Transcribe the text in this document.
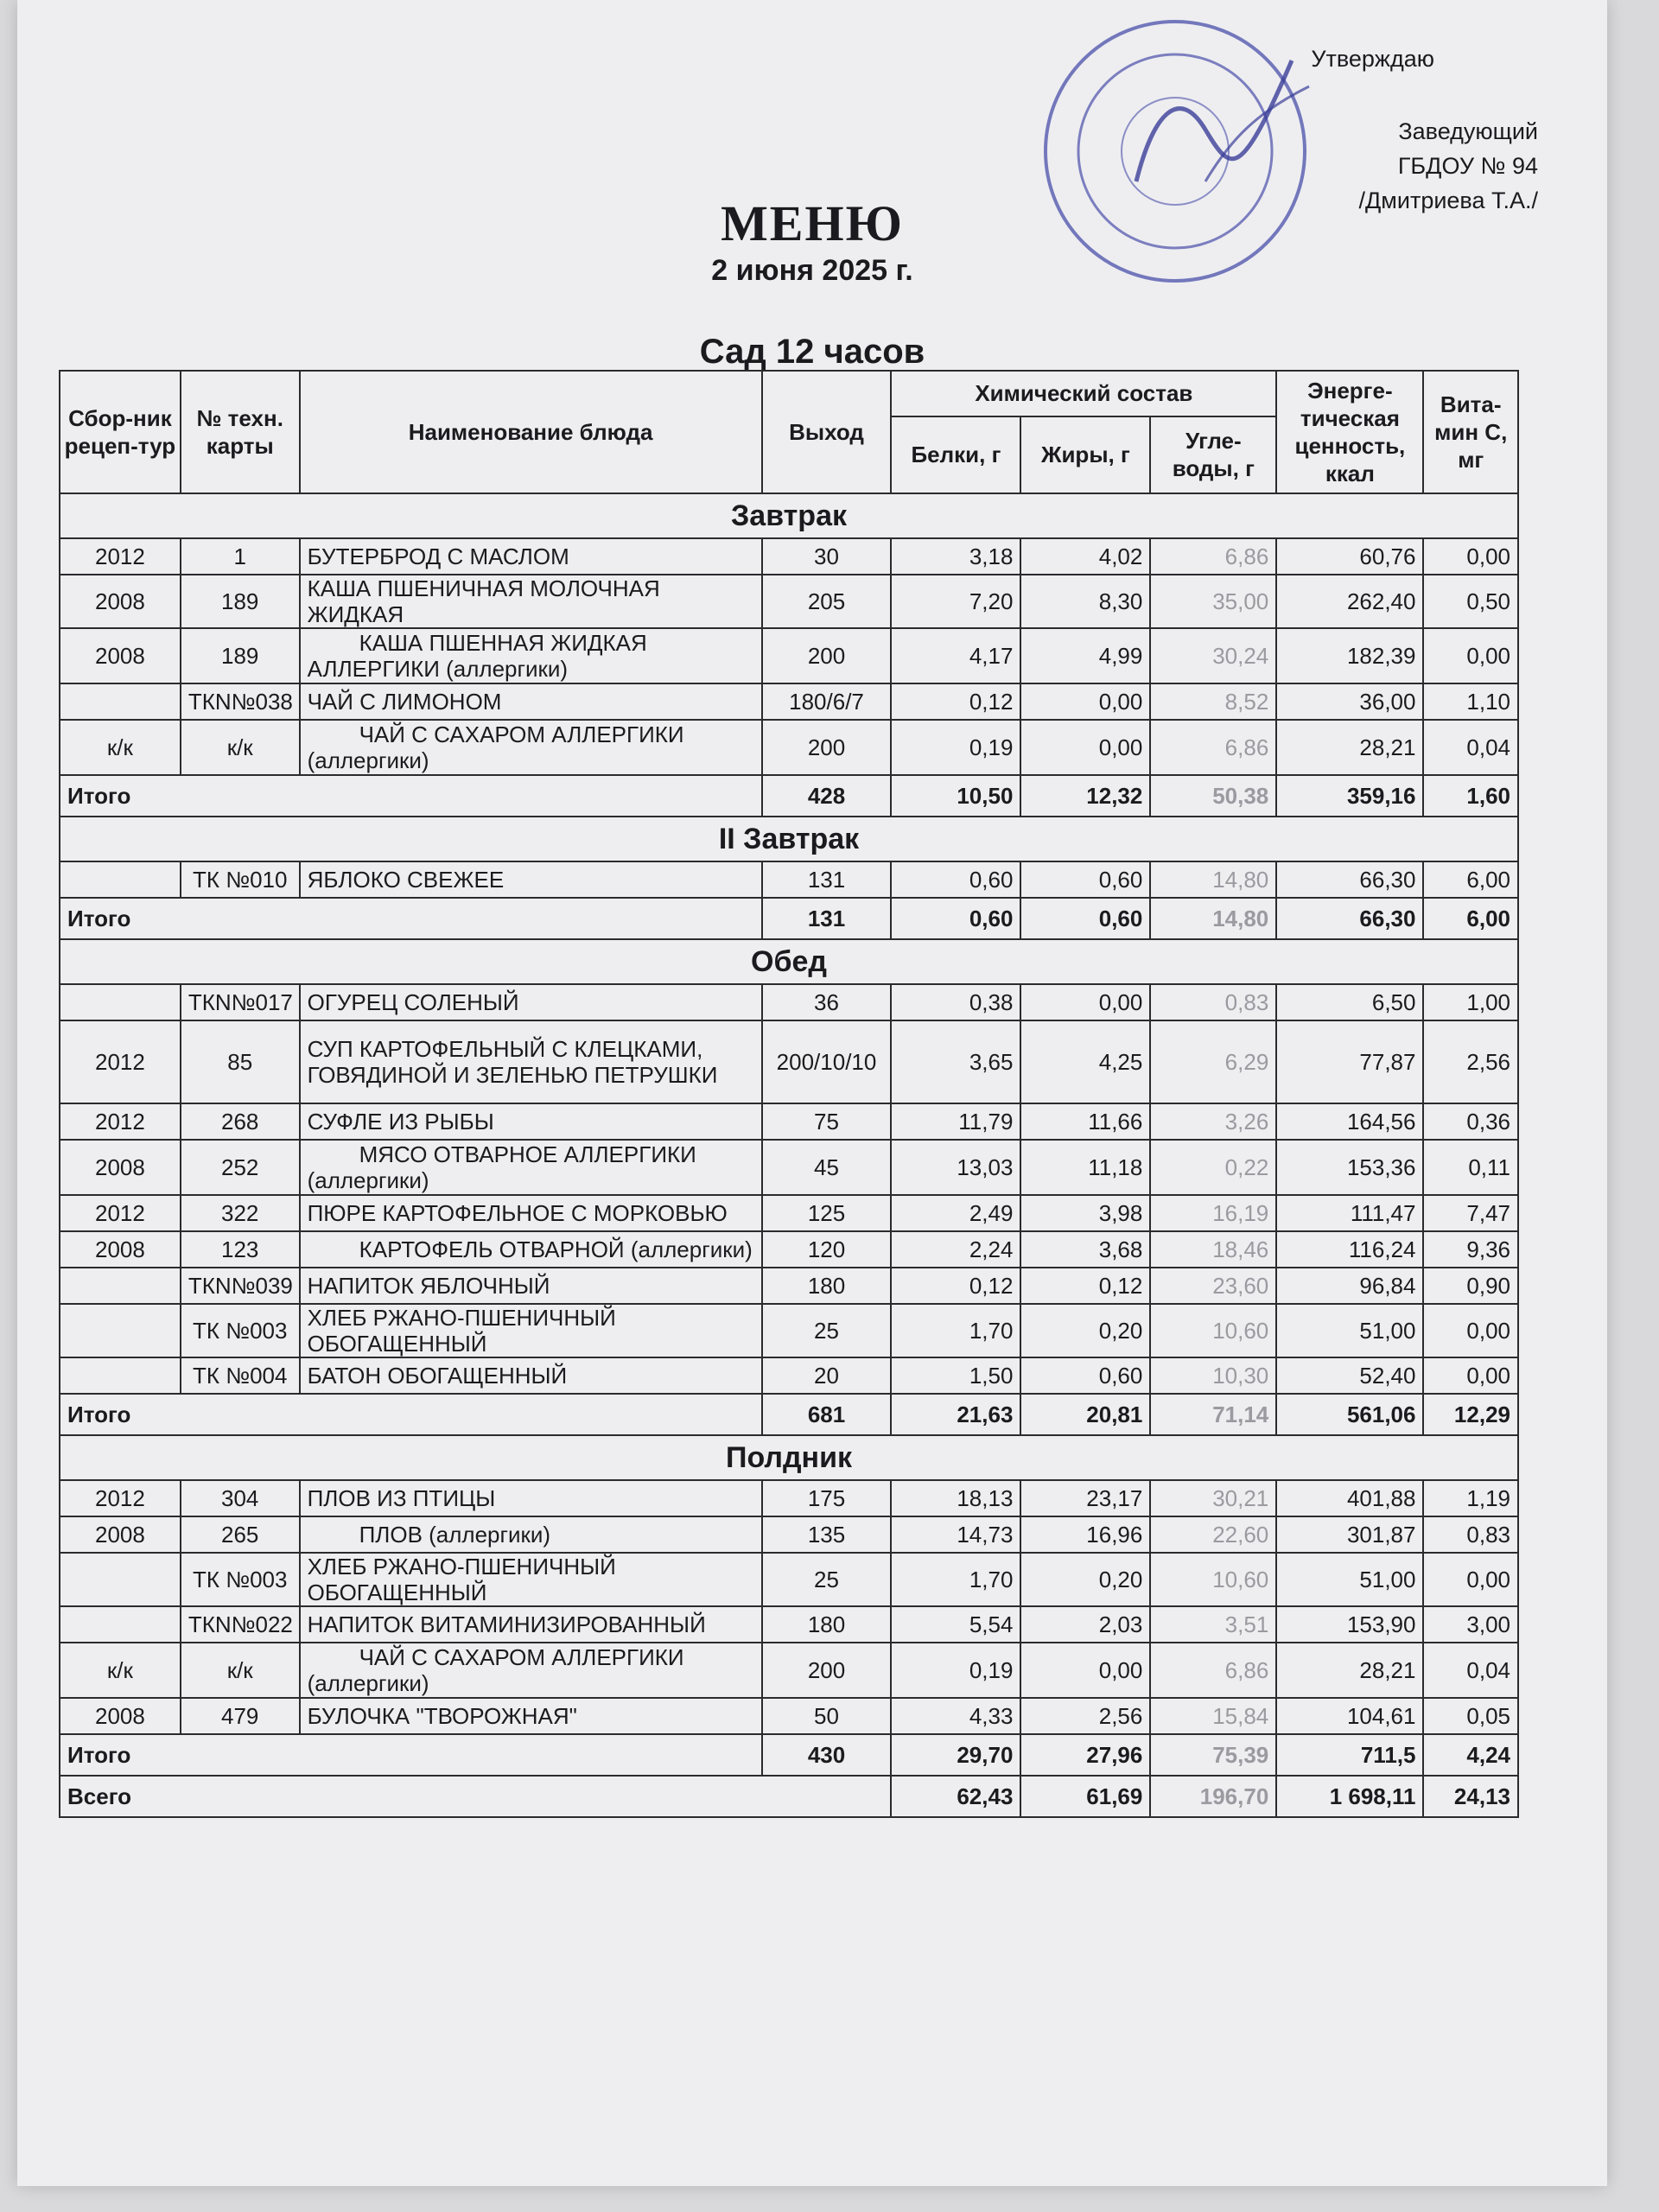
Утверждаю
Заведующий
ГБДОУ № 94
/Дмитриева Т.А./
МЕНЮ
2 июня 2025 г.
Сад 12 часов
Сбор-ник рецеп-тур	№ техн. карты	Наименование блюда	Выход	Химический состав			Энерге-тическая ценность, ккал	Вита-мин С, мг
				Белки, г	Жиры, г	Угле-воды, г		
Завтрак								
2012	1	БУТЕРБРОД С МАСЛОМ	30	3,18	4,02	6,86	60,76	0,00
2008	189	КАША ПШЕНИЧНАЯ МОЛОЧНАЯ ЖИДКАЯ	205	7,20	8,30	35,00	262,40	0,50
2008	189	КАША ПШЕННАЯ ЖИДКАЯ АЛЛЕРГИКИ (аллергики)	200	4,17	4,99	30,24	182,39	0,00
	ТКN№038	ЧАЙ С ЛИМОНОМ	180/6/7	0,12	0,00	8,52	36,00	1,10
к/к	к/к	ЧАЙ С САХАРОМ АЛЛЕРГИКИ (аллергики)	200	0,19	0,00	6,86	28,21	0,04
Итого			428	10,50	12,32	50,38	359,16	1,60
II Завтрак								
	ТК №010	ЯБЛОКО СВЕЖЕЕ	131	0,60	0,60	14,80	66,30	6,00
Итого			131	0,60	0,60	14,80	66,30	6,00
Обед								
	ТКN№017	ОГУРЕЦ СОЛЕНЫЙ	36	0,38	0,00	0,83	6,50	1,00
2012	85	СУП КАРТОФЕЛЬНЫЙ С КЛЕЦКАМИ, ГОВЯДИНОЙ И ЗЕЛЕНЬЮ ПЕТРУШКИ	200/10/10	3,65	4,25	6,29	77,87	2,56
2012	268	СУФЛЕ ИЗ РЫБЫ	75	11,79	11,66	3,26	164,56	0,36
2008	252	МЯСО ОТВАРНОЕ АЛЛЕРГИКИ (аллергики)	45	13,03	11,18	0,22	153,36	0,11
2012	322	ПЮРЕ КАРТОФЕЛЬНОЕ С МОРКОВЬЮ	125	2,49	3,98	16,19	111,47	7,47
2008	123	КАРТОФЕЛЬ ОТВАРНОЙ (аллергики)	120	2,24	3,68	18,46	116,24	9,36
	ТКN№039	НАПИТОК ЯБЛОЧНЫЙ	180	0,12	0,12	23,60	96,84	0,90
	ТК №003	ХЛЕБ РЖАНО-ПШЕНИЧНЫЙ ОБОГАЩЕННЫЙ	25	1,70	0,20	10,60	51,00	0,00
	ТК №004	БАТОН ОБОГАЩЕННЫЙ	20	1,50	0,60	10,30	52,40	0,00
Итого			681	21,63	20,81	71,14	561,06	12,29
Полдник								
2012	304	ПЛОВ ИЗ ПТИЦЫ	175	18,13	23,17	30,21	401,88	1,19
2008	265	ПЛОВ (аллергики)	135	14,73	16,96	22,60	301,87	0,83
	ТК №003	ХЛЕБ РЖАНО-ПШЕНИЧНЫЙ ОБОГАЩЕННЫЙ	25	1,70	0,20	10,60	51,00	0,00
	ТКN№022	НАПИТОК ВИТАМИНИЗИРОВАННЫЙ	180	5,54	2,03	3,51	153,90	3,00
к/к	к/к	ЧАЙ С САХАРОМ АЛЛЕРГИКИ (аллергики)	200	0,19	0,00	6,86	28,21	0,04
2008	479	БУЛОЧКА "ТВОРОЖНАЯ"	50	4,33	2,56	15,84	104,61	0,05
Итого			430	29,70	27,96	75,39	711,5	4,24
Всего				62,43	61,69	196,70	1 698,11	24,13
